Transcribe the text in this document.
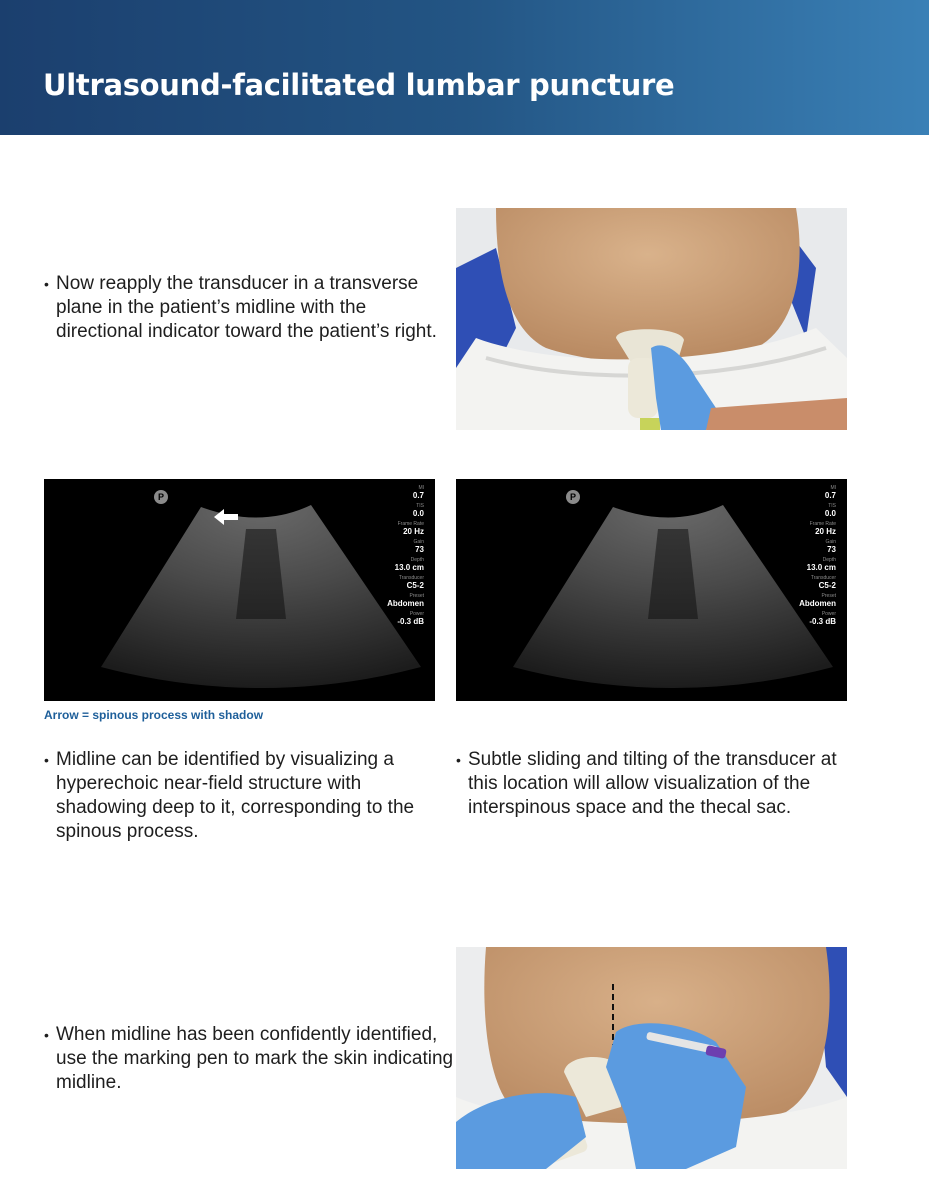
Ultrasound-facilitated lumbar puncture
• Now reapply the transducer in a transverse plane in the patient’s midline with the directional indicator toward the patient’s right.
P
MI
0.7
TIS
0.0
Frame Rate
20 Hz
Gain
73
Depth
13.0 cm
Transducer
C5-2
Preset
Abdomen
Power
-0.3 dB
P
MI
0.7
TIS
0.0
Frame Rate
20 Hz
Gain
73
Depth
13.0 cm
Transducer
C5-2
Preset
Abdomen
Power
-0.3 dB
Arrow = spinous process with shadow
• Midline can be identified by visualizing a hyperechoic near-field structure with shadowing deep to it, corresponding to the spinous process.
• Subtle sliding and tilting of the transducer at this location will allow visualization of the interspinous space and the thecal sac.
• When midline has been confidently identified, use the marking pen to mark the skin indicating midline.
